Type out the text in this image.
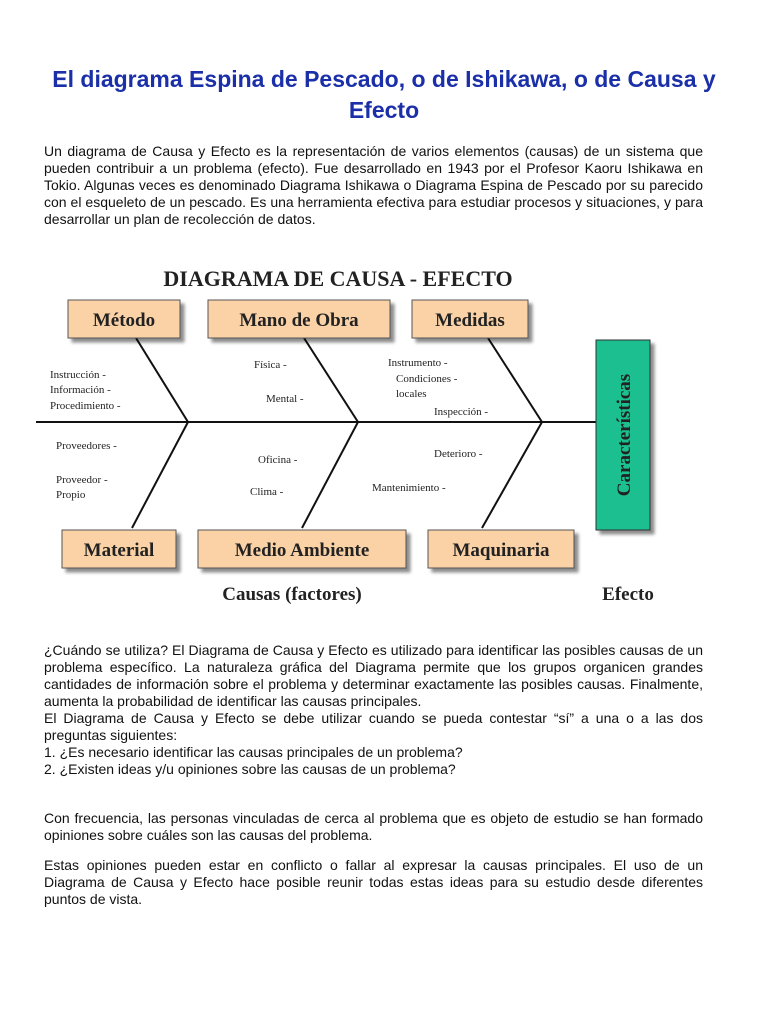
El diagrama Espina de Pescado, o de Ishikawa, o de Causa y Efecto

Un diagrama de Causa y Efecto es la representación de varios elementos (causas) de un sistema que pueden contribuir a un problema (efecto). Fue desarrollado en 1943 por el Profesor Kaoru Ishikawa en Tokio. Algunas veces es denominado Diagrama Ishikawa o Diagrama Espina de Pescado por su parecido con el esqueleto de un pescado. Es una herramienta efectiva para estudiar procesos y situaciones, y para desarrollar un plan de recolección de datos.

DIAGRAMA DE CAUSA - EFECTO
Método	Mano de Obra	Medidas
Material	Medio Ambiente	Maquinaria
Características
Instrucción -
Información -
Procedimiento -
Física -
Mental -
Instrumento -
Condiciones -
locales
Inspección -
Proveedores -
Proveedor -
Propio
Oficina -
Clima -
Deterioro -
Mantenimiento -
Causas (factores)	Efecto
¿Cuándo se utiliza? El Diagrama de Causa y Efecto es utilizado para identificar las posibles causas de un problema específico. La naturaleza gráfica del Diagrama permite que los grupos organicen grandes cantidades de información sobre el problema y determinar exactamente las posibles causas. Finalmente, aumenta la probabilidad de identificar las causas principales.
El Diagrama de Causa y Efecto se debe utilizar cuando se pueda contestar “sí” a una o a las dos preguntas siguientes:
1. ¿Es necesario identificar las causas principales de un problema?
2. ¿Existen ideas y/u opiniones sobre las causas de un problema?

Con frecuencia, las personas vinculadas de cerca al problema que es objeto de estudio se han formado opiniones sobre cuáles son las causas del problema.

Estas opiniones pueden estar en conflicto o fallar al expresar la causas principales. El uso de un Diagrama de Causa y Efecto hace posible reunir todas estas ideas para su estudio desde diferentes puntos de vista.
